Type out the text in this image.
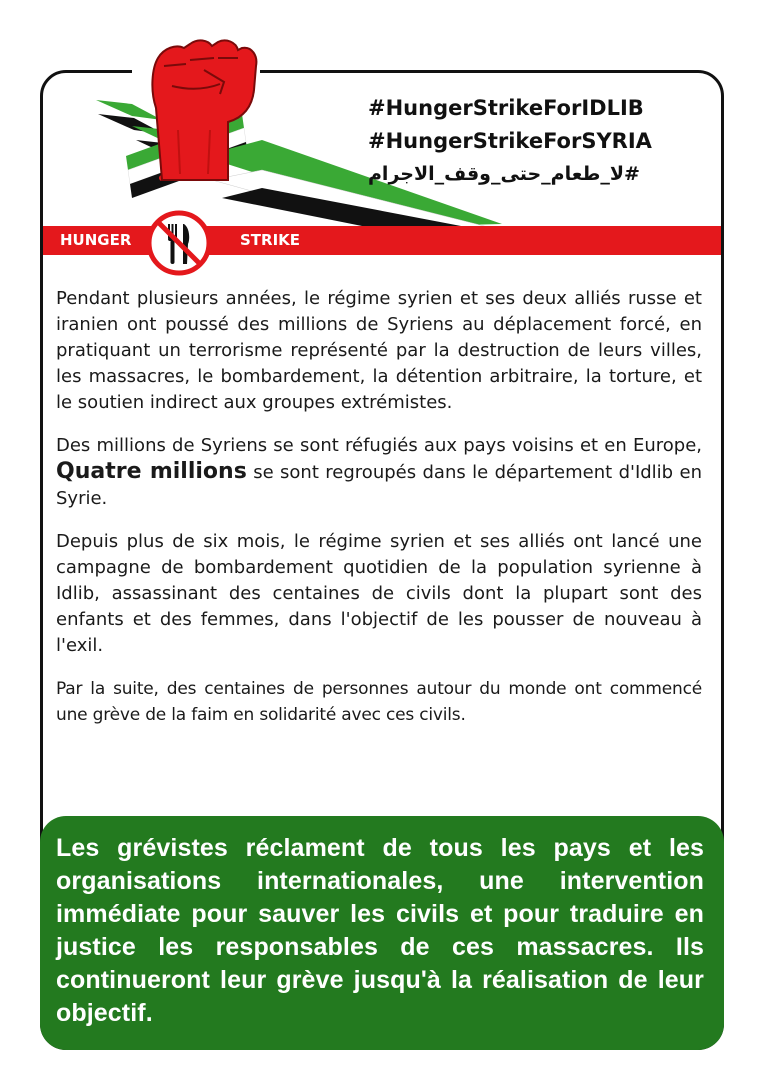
#HungerStrikeForIDLIB
#HungerStrikeForSYRIA
#لا_طعام_حتى_وقف_الاجرام
HUNGER	STRIKE

Pendant plusieurs années, le régime syrien et ses deux alliés russe et iranien ont poussé des millions de Syriens au déplacement forcé, en pratiquant un terrorisme représenté par la destruction de leurs villes, les massacres, le bombardement, la détention arbitraire, la torture, et le soutien indirect aux groupes extrémistes.

Des millions de Syriens se sont réfugiés aux pays voisins et en Europe, Quatre millions se sont regroupés dans le département d'Idlib en Syrie.

Depuis plus de six mois, le régime syrien et ses alliés ont lancé une campagne de bombardement quotidien de la population syrienne à Idlib, assassinant des centaines de civils dont la plupart sont des enfants et des femmes, dans l'objectif de les pousser de nouveau à l'exil.

Par la suite, des centaines de personnes autour du monde ont commencé une grève de la faim en solidarité avec ces civils.

Les grévistes réclament de tous les pays et les organisations internationales, une intervention immédiate pour sauver les civils et pour traduire en justice les responsables de ces massacres. Ils continueront leur grève jusqu'à la réalisation de leur objectif.
